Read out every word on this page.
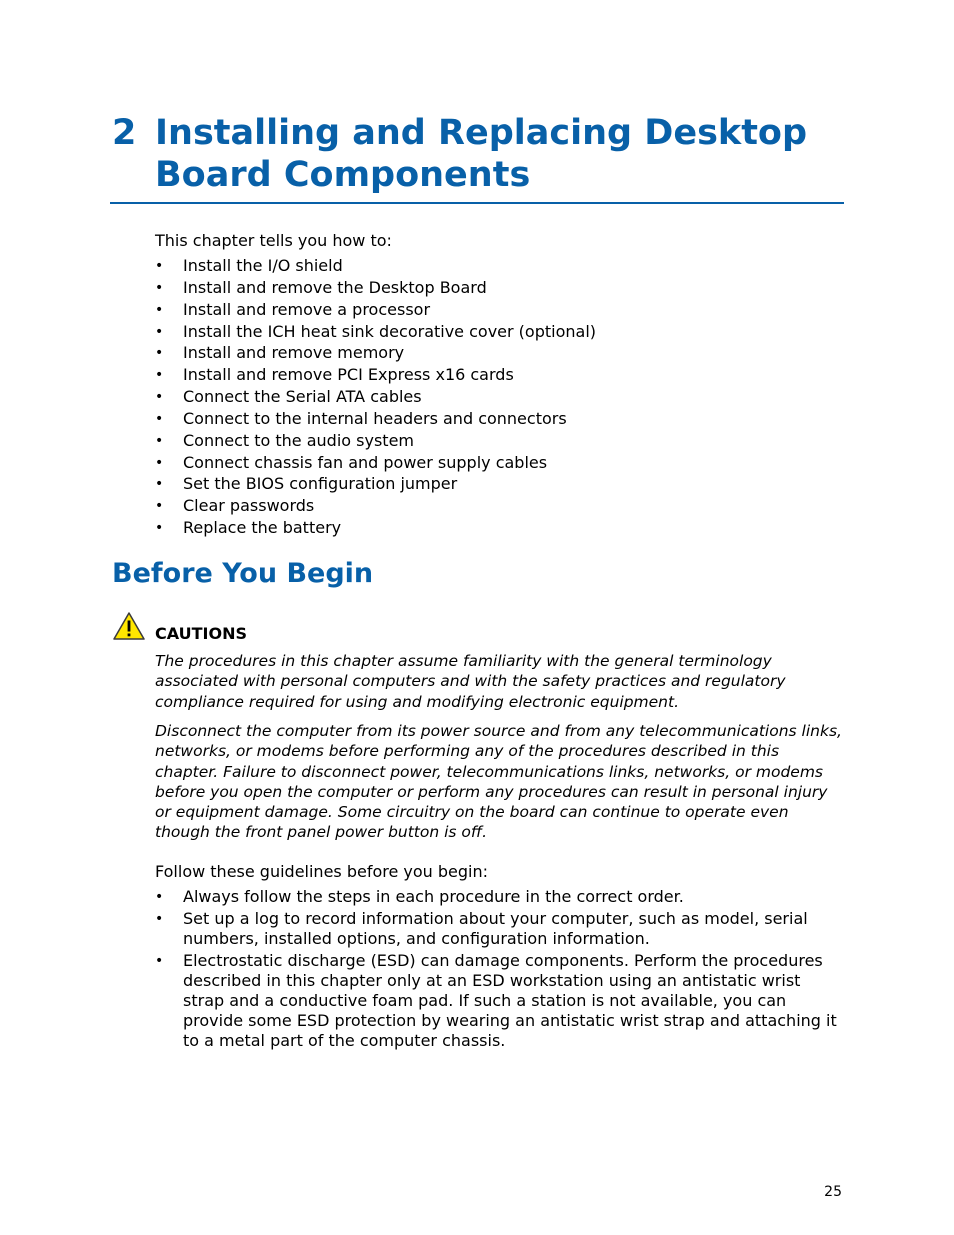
2 Installing and Replacing Desktop Board Components

This chapter tells you how to:

• Install the I/O shield
• Install and remove the Desktop Board
• Install and remove a processor
• Install the ICH heat sink decorative cover (optional)
• Install and remove memory
• Install and remove PCI Express x16 cards
• Connect the Serial ATA cables
• Connect to the internal headers and connectors
• Connect to the audio system
• Connect chassis fan and power supply cables
• Set the BIOS configuration jumper
• Clear passwords
• Replace the battery
Before You Begin

CAUTIONS

The procedures in this chapter assume familiarity with the general terminology associated with personal computers and with the safety practices and regulatory compliance required for using and modifying electronic equipment.

Disconnect the computer from its power source and from any telecommunications links, networks, or modems before performing any of the procedures described in this chapter. Failure to disconnect power, telecommunications links, networks, or modems before you open the computer or perform any procedures can result in personal injury or equipment damage. Some circuitry on the board can continue to operate even though the front panel power button is off.

Follow these guidelines before you begin:

• Always follow the steps in each procedure in the correct order.
• Set up a log to record information about your computer, such as model, serial numbers, installed options, and configuration information.
• Electrostatic discharge (ESD) can damage components. Perform the procedures described in this chapter only at an ESD workstation using an antistatic wrist strap and a conductive foam pad. If such a station is not available, you can provide some ESD protection by wearing an antistatic wrist strap and attaching it to a metal part of the computer chassis.
25
